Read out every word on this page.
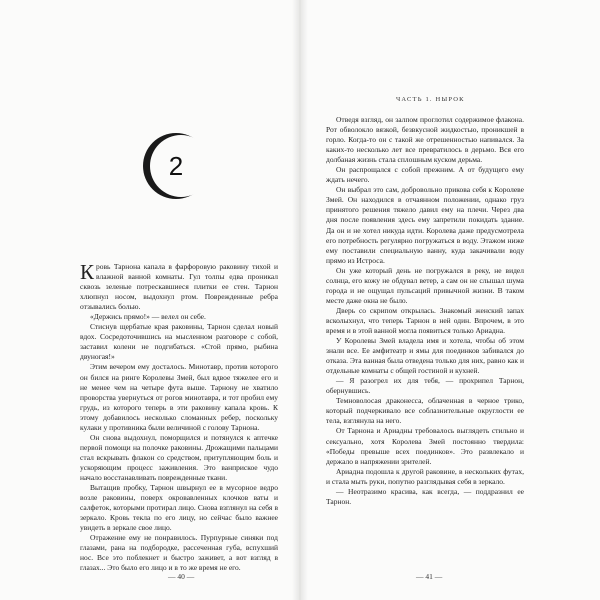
2

Кровь Тарнона капала в фарфоровую раковину тихой и влажной ванной комнаты. Гул толпы едва проникал сквозь зеленые потрескавшиеся плитки ее стен. Тарнон хлюпнул носом, выдохнул ртом. Поврежденные ребра отзывались болью.

«Держись прямо!» — велел он себе.

Стиснув щербатые края раковины, Тарнон сделал новый вдох. Сосредоточившись на мысленном разговоре с собой, заставил колени не подгибаться. «Стой прямо, рыбина двуногая!»

Этим вечером ему досталось. Минотавр, против которого он бился на ринге Королевы Змей, был вдвое тяжелее его и не менее чем на четыре фута выше. Тарнону не хватило проворства увернуться от рогов минотавра, и тот пробил ему грудь, из которого теперь в эти раковину капала кровь. К этому добавилось несколько сломанных ребер, поскольку кулаки у противника были величиной с голову Тарнона.

Он снова выдохнул, поморщился и потянулся к аптечке первой помощи на полочке раковины. Дрожащими пальцами стал вскрывать флакон со средством, притупляющим боль и ускоряющим процесс заживления. Это ванприское чудо начало восстанавливать поврежденные ткани.

Вытащив пробку, Тарнон швырнул ее в мусорное ведро возле раковины, поверх окровавленных клочков ваты и салфеток, которыми протирал лицо. Снова взглянул на себя в зеркало. Кровь текла по его лицу, но сейчас было важнее увидеть в зеркале свое лицо.

Отражение ему не понравилось. Пурпурные синяки под глазами, рана на подбородке, рассеченная губа, вспухший нос. Все это поблекнет и быстро заживет, а вот взгляд в глазах... Это было его лицо и в то же время не его.

— 40 —
ЧАСТЬ 1. НЫРОК

Отведя взгляд, он залпом проглотил содержимое флакона. Рот обволокло вязкой, безвкусной жидкостью, проникшей в горло. Когда-то он с такой же отрешенностью напивался. За каких-то несколько лет все превратилось в дерьмо. Вся его долбаная жизнь стала сплошным куском дерьма.

Он распрощался с собой прежним. А от будущего ему ждать нечего.

Он выбрал это сам, добровольно прикова себя к Королеве Змей. Он находился в отчаянном положении, однако груз принятого решения тяжело давил ему на плечи. Через два дня после появления здесь ему запретили покидать здание. Да он и не хотел никуда идти. Королева даже предусмотрела его потребность регулярно погружаться в воду. Этажом ниже ему поставили специальную ванну, куда закачивали воду прямо из Истроса.

Он уже который день не погружался в реку, не видел солнца, его кожу не обдувал ветер, а сам он не слышал шума города и не ощущал пульсаций привычной жизни. В таком месте даже окна не было.

Дверь со скрипом открылась. Знакомый женский запах всколыхнул, что теперь Тарнон в ней один. Впрочем, в это время и в этой ванной могла появиться только Ариадна.

У Королевы Змей владела имя и хотела, чтобы об этом знали все. Ее амфитеатр и ямы для поединков забивался до отказа. Эта ванная была отведена только для них, равно как и отдельные комнаты с общей гостиной и кухней.

— Я разогрел их для тебя, — прохрипел Тарнон, обернувшись.

Темноволосая драконесса, облаченная в черное трико, который подчеркивало все соблазнительные округлости ее тела, взглянула на него.

От Тарнона и Ариадны требовалось выглядеть стильно и сексуально, хотя Королева Змей постоянно твердила: «Победы превыше всех поединков». Это развлекало и держало в напряжении зрителей.

Ариадна подошла к другой раковине, в нескольких футах, и стала мыть руки, попутно разглядывая себя в зеркало.

— Неотразимо красива, как всегда, — поддразнил ее Тарнон.

— 41 —
